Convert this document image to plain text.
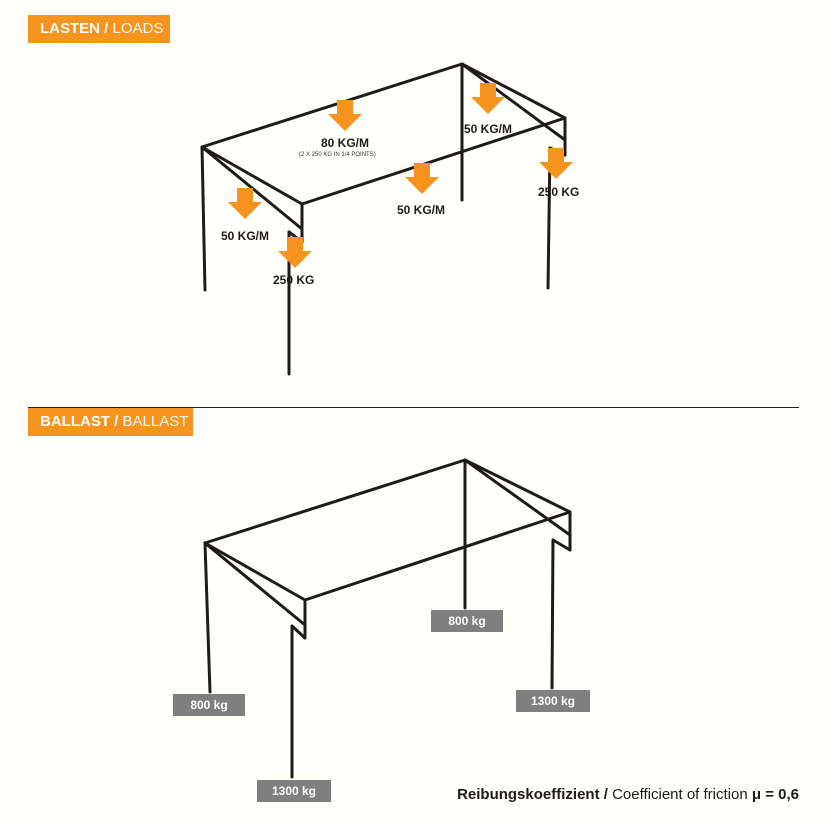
LASTEN / LOADS
BALLAST / BALLAST
80 KG/M
(2 X 250 KG IN 1/4 POINTS)
50 KG/M
50 KG/M
50 KG/M
250 KG
250 KG
800 kg
800 kg	1300 kg
1300 kg	Reibungskoeffizient / Coefficient of friction μ = 0,6
